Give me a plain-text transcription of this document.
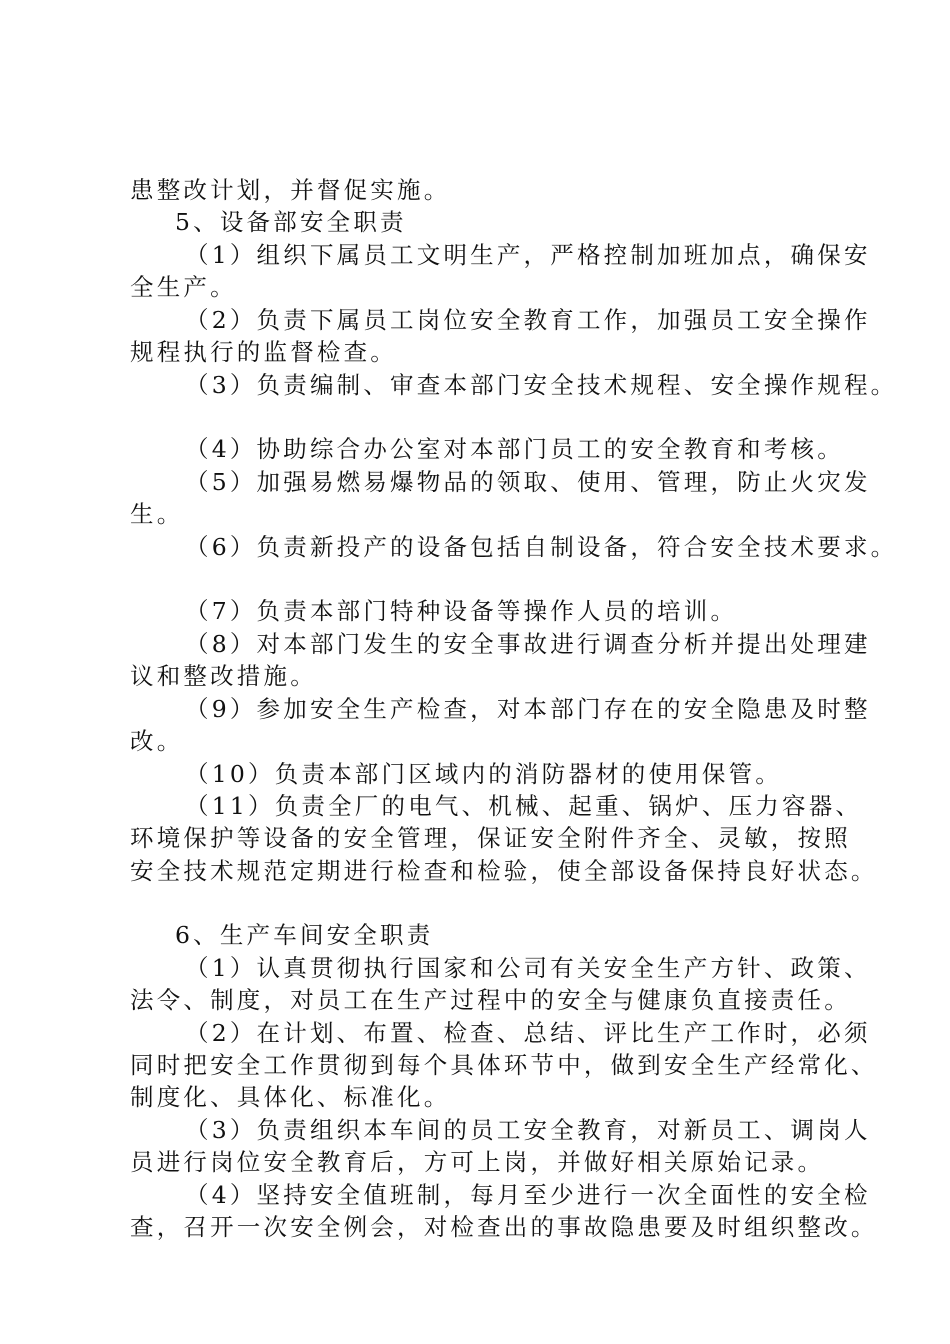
患整改计划，并督促实施。
5、设备部安全职责
（1）组织下属员工文明生产，严格控制加班加点，确保安
全生产。
（2）负责下属员工岗位安全教育工作，加强员工安全操作
规程执行的监督检查。
（3）负责编制、审查本部门安全技术规程、安全操作规程。
（4）协助综合办公室对本部门员工的安全教育和考核。
（5）加强易燃易爆物品的领取、使用、管理，防止火灾发
生。
（6）负责新投产的设备包括自制设备，符合安全技术要求。
（7）负责本部门特种设备等操作人员的培训。
（8）对本部门发生的安全事故进行调查分析并提出处理建
议和整改措施。
（9）参加安全生产检查，对本部门存在的安全隐患及时整
改。
（10）负责本部门区域内的消防器材的使用保管。
（11）负责全厂的电气、机械、起重、锅炉、压力容器、
环境保护等设备的安全管理，保证安全附件齐全、灵敏，按照
安全技术规范定期进行检查和检验，使全部设备保持良好状态。
6、生产车间安全职责
（1）认真贯彻执行国家和公司有关安全生产方针、政策、
法令、制度，对员工在生产过程中的安全与健康负直接责任。
（2）在计划、布置、检查、总结、评比生产工作时，必须
同时把安全工作贯彻到每个具体环节中，做到安全生产经常化、
制度化、具体化、标准化。
（3）负责组织本车间的员工安全教育，对新员工、调岗人
员进行岗位安全教育后，方可上岗，并做好相关原始记录。
（4）坚持安全值班制，每月至少进行一次全面性的安全检
查，召开一次安全例会，对检查出的事故隐患要及时组织整改。
